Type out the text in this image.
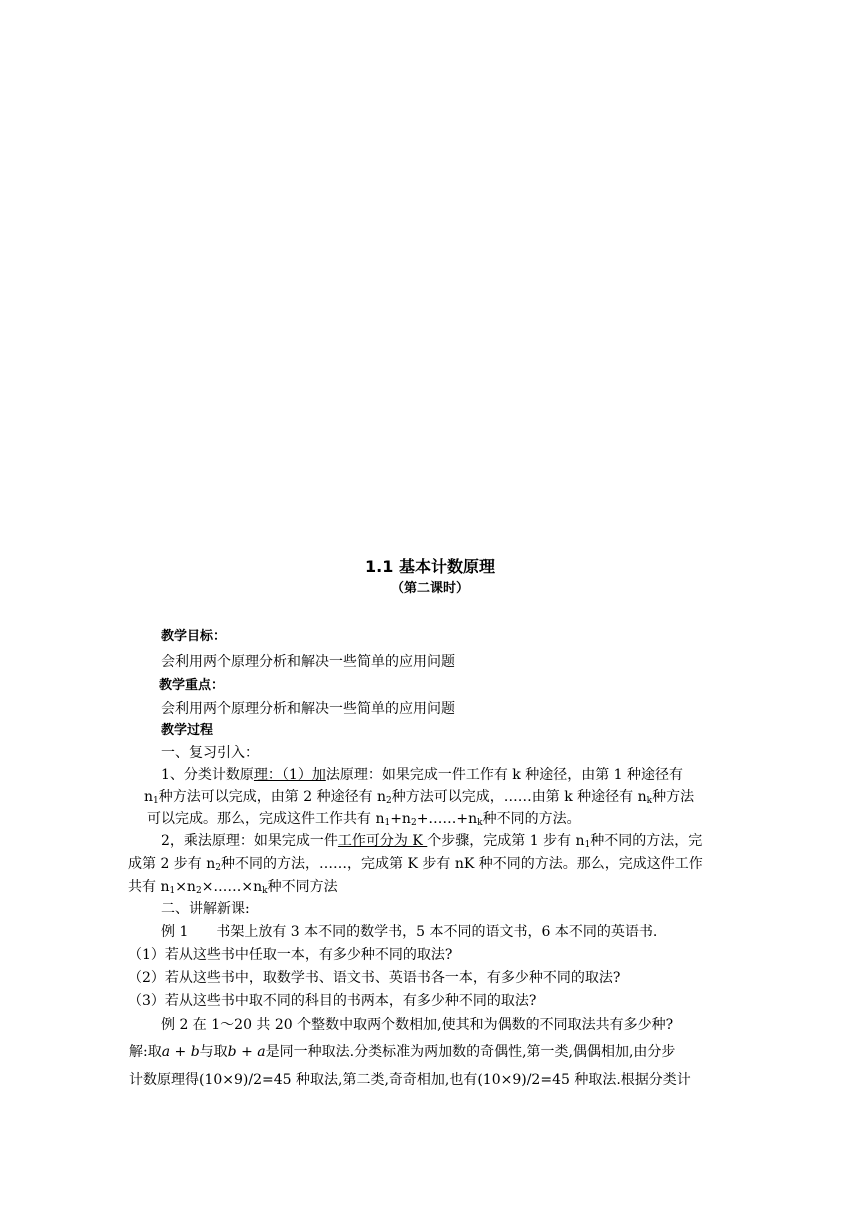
1.1 基本计数原理
（第二课时）
教学目标：
会利用两个原理分析和解决一些简单的应用问题
教学重点：
会利用两个原理分析和解决一些简单的应用问题
教学过程
一、复习引入：
1、分类计数原理：（1）加法原理：如果完成一件工作有 k 种途径，由第 1 种途径有
$n_1$种方法可以完成，由第 2 种途径有 $n_2$种方法可以完成，……由第 k 种途径有 $n_k$种方法
可以完成。那么，完成这件工作共有 $n_1+n_2+\dots\dots+n_k$种不同的方法。
2，乘法原理：如果完成一件工作可分为 K 个步骤，完成第 1 步有 $n_1$种不同的方法，完
成第 2 步有 $n_2$种不同的方法，……，完成第 K 步有 nK 种不同的方法。那么，完成这件工作
共有 $n_1\times n_2\times\dots\dots\times n_k$种不同方法
二、讲解新课:
例 1　　书架上放有 3 本不同的数学书，5 本不同的语文书，6 本不同的英语书.
（1）若从这些书中任取一本，有多少种不同的取法?
（2）若从这些书中，取数学书、语文书、英语书各一本，有多少种不同的取法?
（3）若从这些书中取不同的科目的书两本，有多少种不同的取法?
例 2 在 1～20 共 20 个整数中取两个数相加,使其和为偶数的不同取法共有多少种?
解:取a + b与取b + a是同一种取法.分类标准为两加数的奇偶性,第一类,偶偶相加,由分步
计数原理得(10×9)/2=45 种取法,第二类,奇奇相加,也有(10×9)/2=45 种取法.根据分类计
